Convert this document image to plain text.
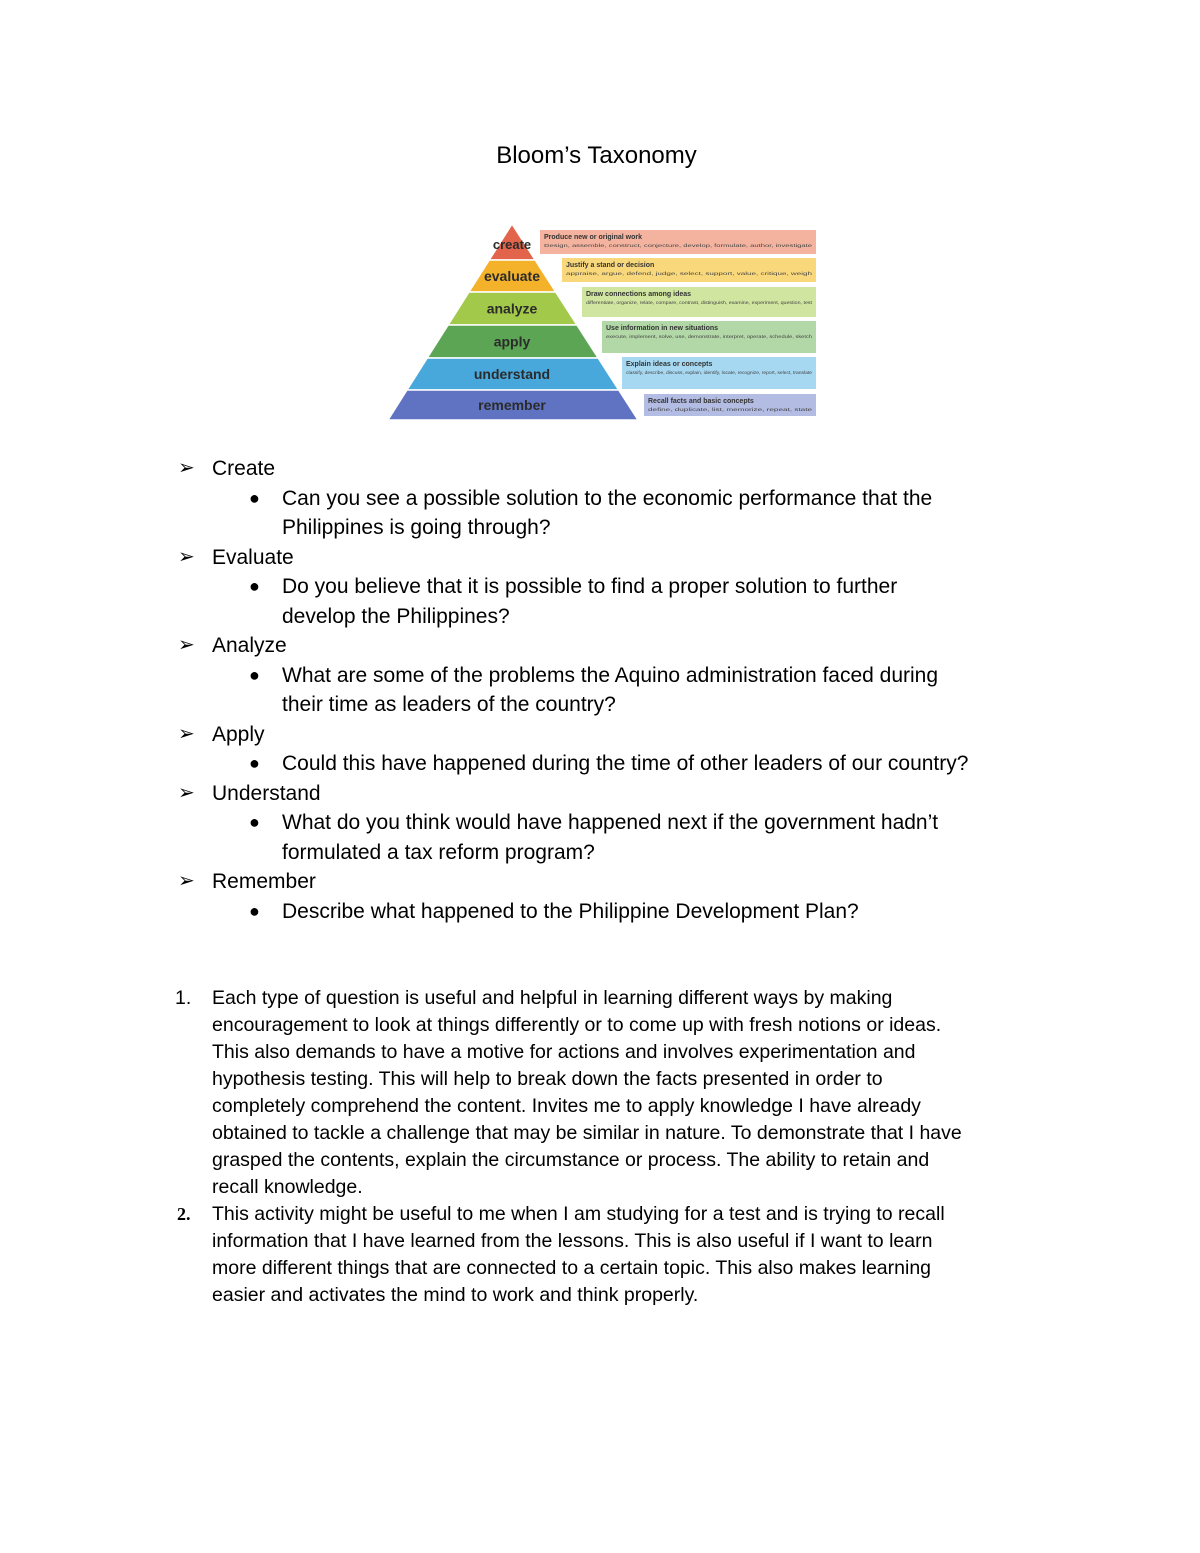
Bloom’s Taxonomy
Produce new or original work
Design, assemble, construct, conjecture, develop, formulate, author, investigate
create
Justify a stand or decision
appraise, argue, defend, judge, select, support, value, critique, weigh
evaluate
Draw connections among ideas
differentiate, organize, relate, compare, contrast, distinguish, examine, experiment, question, test
analyze
Use information in new situations
execute, implement, solve, use, demonstrate, interpret, operate, schedule, sketch
apply
Explain ideas or concepts
classify, describe, discuss, explain, identify, locate, recognize, report, select, translate
understand
Recall facts and basic concepts
define, duplicate, list, memorize, repeat, state
remember
➢ Create
● Can you see a possible solution to the economic performance that the
Philippines is going through?
➢ Evaluate
● Do you believe that it is possible to find a proper solution to further
develop the Philippines?
➢ Analyze
● What are some of the problems the Aquino administration faced during
their time as leaders of the country?
➢ Apply
● Could this have happened during the time of other leaders of our country?
➢ Understand
● What do you think would have happened next if the government hadn’t
formulated a tax reform program?
➢ Remember
● Describe what happened to the Philippine Development Plan?
1. Each type of question is useful and helpful in learning different ways by making
encouragement to look at things differently or to come up with fresh notions or ideas.
This also demands to have a motive for actions and involves experimentation and
hypothesis testing. This will help to break down the facts presented in order to
completely comprehend the content. Invites me to apply knowledge I have already
obtained to tackle a challenge that may be similar in nature. To demonstrate that I have
grasped the contents, explain the circumstance or process. The ability to retain and
recall knowledge.
2. This activity might be useful to me when I am studying for a test and is trying to recall
information that I have learned from the lessons. This is also useful if I want to learn
more different things that are connected to a certain topic. This also makes learning
easier and activates the mind to work and think properly.
